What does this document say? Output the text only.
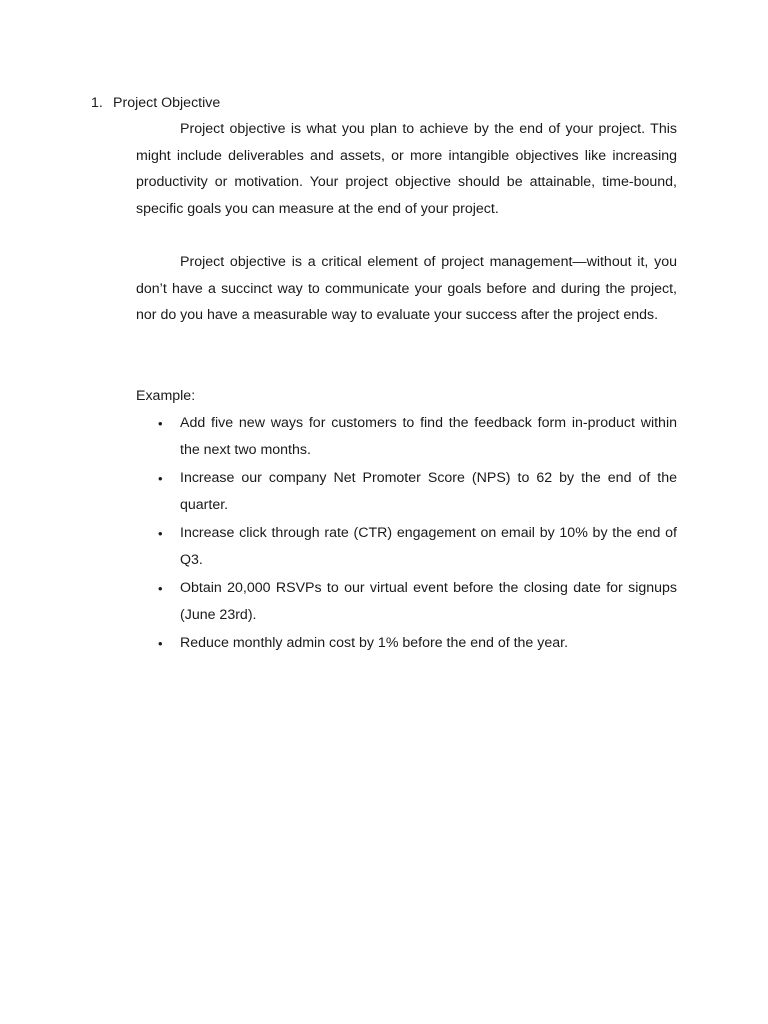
1. Project Objective

Project objective is what you plan to achieve by the end of your project. This might include deliverables and assets, or more intangible objectives like increasing productivity or motivation. Your project objective should be attainable, time-bound, specific goals you can measure at the end of your project.

Project objective is a critical element of project management—without it, you don’t have a succinct way to communicate your goals before and during the project, nor do you have a measurable way to evaluate your success after the project ends.

Example:
• Add five new ways for customers to find the feedback form in-product within the next two months.
• Increase our company Net Promoter Score (NPS) to 62 by the end of the quarter.
• Increase click through rate (CTR) engagement on email by 10% by the end of Q3.
• Obtain 20,000 RSVPs to our virtual event before the closing date for signups (June 23rd).
• Reduce monthly admin cost by 1% before the end of the year.
